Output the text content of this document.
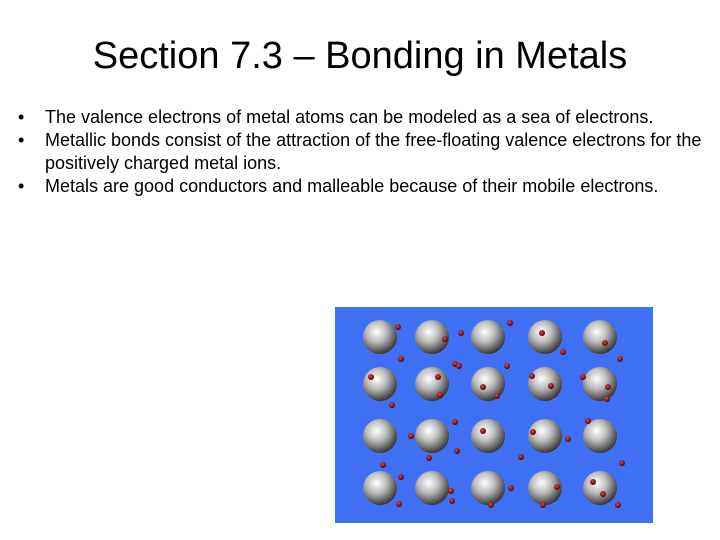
Section 7.3 – Bonding in Metals
•	The valence electrons of metal atoms can be modeled as a sea of electrons.
•	Metallic bonds consist of the attraction of the free-floating valence electrons for the positively charged metal ions.
•	Metals are good conductors and malleable because of their mobile electrons.
